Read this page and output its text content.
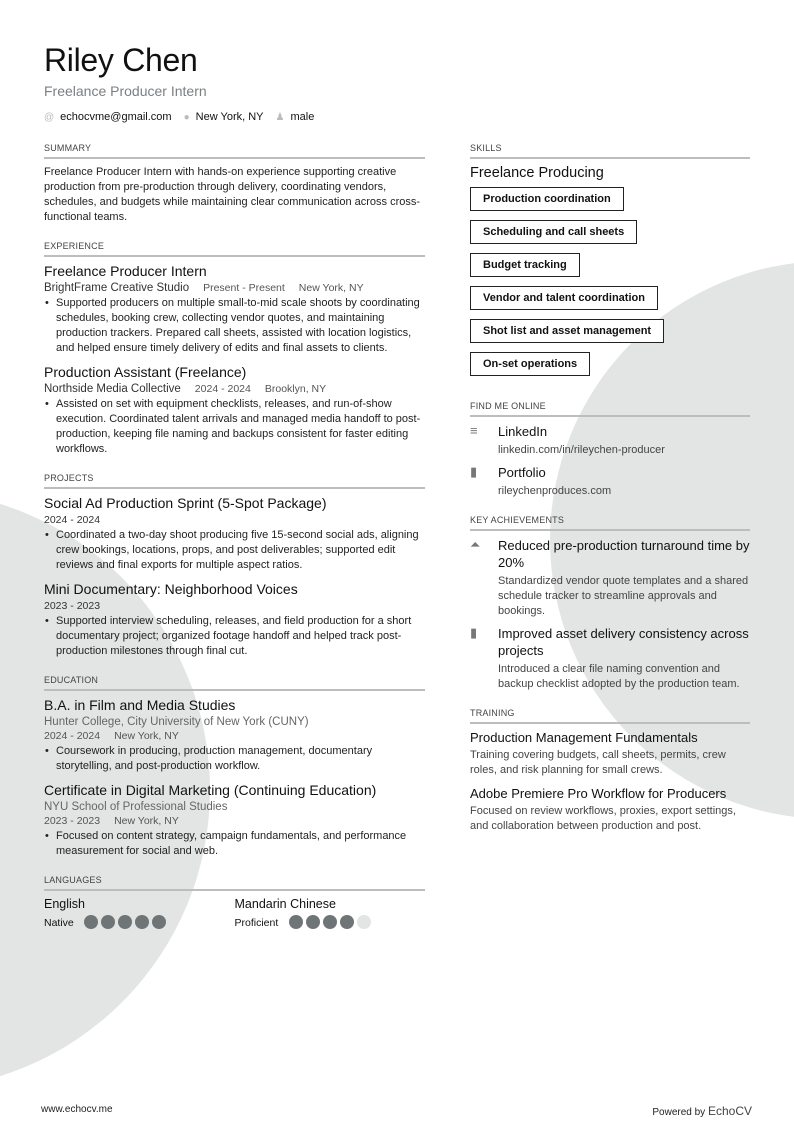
Riley Chen
Freelance Producer Intern
@ echocvme@gmail.com ● New York, NY ♟ male
SUMMARY
Freelance Producer Intern with hands-on experience supporting creative production from pre-production through delivery, coordinating vendors, schedules, and budgets while maintaining clear communication across cross-functional teams.
EXPERIENCE
Freelance Producer Intern
BrightFrame Creative Studio Present - Present New York, NY
• Supported producers on multiple small-to-mid scale shoots by coordinating schedules, booking crew, collecting vendor quotes, and maintaining production trackers. Prepared call sheets, assisted with location logistics, and helped ensure timely delivery of edits and final assets to clients.
Production Assistant (Freelance)
Northside Media Collective 2024 - 2024 Brooklyn, NY
• Assisted on set with equipment checklists, releases, and run-of-show execution. Coordinated talent arrivals and managed media handoff to post-production, keeping file naming and backups consistent for faster editing workflows.
PROJECTS
Social Ad Production Sprint (5-Spot Package)
2024 - 2024
• Coordinated a two-day shoot producing five 15-second social ads, aligning crew bookings, locations, props, and post deliverables; supported edit reviews and final exports for multiple aspect ratios.
Mini Documentary: Neighborhood Voices
2023 - 2023
• Supported interview scheduling, releases, and field production for a short documentary project; organized footage handoff and helped track post-production milestones through final cut.
EDUCATION
B.A. in Film and Media Studies
Hunter College, City University of New York (CUNY)
2024 - 2024 New York, NY
• Coursework in producing, production management, documentary storytelling, and post-production workflow.
Certificate in Digital Marketing (Continuing Education)
NYU School of Professional Studies
2023 - 2023 New York, NY
• Focused on content strategy, campaign fundamentals, and performance measurement for social and web.
LANGUAGES
English
Native
Mandarin Chinese
Proficient
SKILLS
Freelance Producing
Production coordination
Scheduling and call sheets
Budget tracking
Vendor and talent coordination
Shot list and asset management
On-set operations
FIND ME ONLINE
≡	LinkedIn
linkedin.com/in/rileychen-producer
▮	Portfolio
rileychenproduces.com
KEY ACHIEVEMENTS
⏶ Reduced pre-production turnaround time by 20%
Standardized vendor quote templates and a shared schedule tracker to streamline approvals and bookings.
▮	Improved asset delivery consistency across projects
Introduced a clear file naming convention and backup checklist adopted by the production team.
TRAINING
Production Management Fundamentals
Training covering budgets, call sheets, permits, crew roles, and risk planning for small crews.
Adobe Premiere Pro Workflow for Producers
Focused on review workflows, proxies, export settings, and collaboration between production and post.
www.echocv.me	Powered by EchoCV
